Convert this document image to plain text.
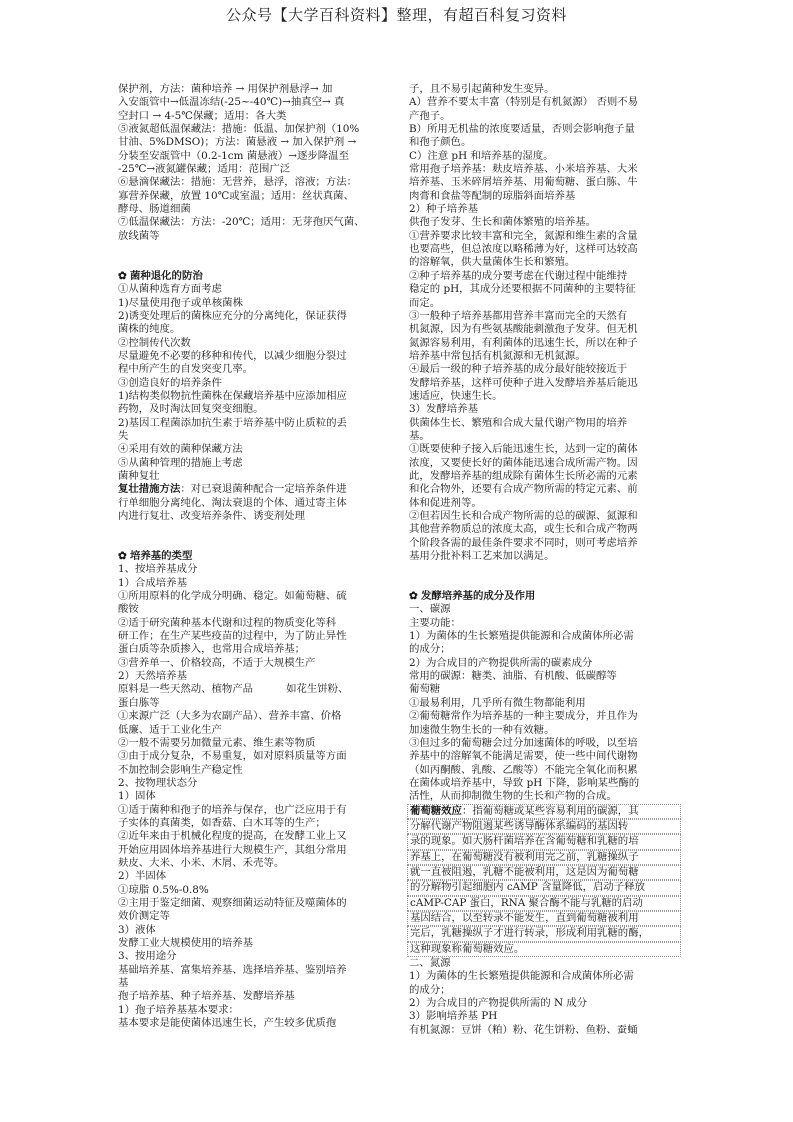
公众号【大学百科资料】整理，有超百科复习资料
保护剂，方法：菌种培养 → 用保护剂悬浮→ 加
入安瓿管中→低温冻结(-25~-40℃)→抽真空→ 真
空封口 → 4-5℃保藏；适用：各大类
⑤液氮超低温保藏法：措施：低温、加保护剂（10%
甘油、5%DMSO)；方法：菌悬液 → 加入保护剂 →
分装至安瓿管中（0.2-1cm 菌悬液）→逐步降温至
-25℃→液氮罐保藏；适用：范围广泛
⑥悬滴保藏法：措施：无营养，悬浮，溶液；方法：
寡营养保藏，放置 10℃或室温；适用：丝状真菌、
酵母、肠道细菌
⑦低温保藏法：方法：-20℃；适用：无芽孢厌气菌、
放线菌等
✿ 菌种退化的防治
①从菌种选育方面考虑
1)尽量使用孢子或单核菌株
2)诱变处理后的菌株应充分的分离纯化，保证获得
菌株的纯度。
②控制传代次数
尽量避免不必要的移种和传代，以减少细胞分裂过
程中所产生的自发突变几率。
③创造良好的培养条件
1)结构类似物抗性菌株在保藏培养基中应添加相应
药物，及时淘汰回复突变细胞。
2)基因工程菌添加抗生素于培养基中防止质粒的丢
失
④采用有效的菌种保藏方法
⑤从菌种管理的措施上考虑
菌种复壮
复壮措施方法：对已衰退菌种配合一定培养条件进
行单细胞分离纯化、淘汰衰退的个体、通过寄主体
内进行复壮、改变培养条件、诱变剂处理
✿ 培养基的类型
1、按培养基成分
1）合成培养基
①所用原料的化学成分明确、稳定。如葡萄糖、硫
酸铵
②适于研究菌种基本代谢和过程的物质变化等科
研工作；在生产某些疫苗的过程中，为了防止异性
蛋白质等杂质掺入，也常用合成培养基；
③营养单一、价格较高，不适于大规模生产
2）天然培养基
原料是一些天然动、植物产品          如花生饼粉、
蛋白胨等
①来源广泛（大多为农副产品）、营养丰富、价格
低廉、适于工业化生产
②一般不需要另加微量元素、维生素等物质
③由于成分复杂，不易重复，如对原料质量等方面
不加控制会影响生产稳定性
2、按物理状态分
1）固体
①适于菌种和孢子的培养与保存，也广泛应用于有
子实体的真菌类，如香菇、白木耳等的生产；
②近年来由于机械化程度的提高，在发酵工业上又
开始应用固体培养基进行大规模生产，其组分常用
麸皮、大米、小米、木屑、禾壳等。
2）半固体
①琼脂 0.5%-0.8%
②主用于鉴定细菌、观察细菌运动特征及噬菌体的
效价测定等
3）液体
发酵工业大规模使用的培养基
3、按用途分
基础培养基、富集培养基、选择培养基、鉴别培养
基
孢子培养基、种子培养基、发酵培养基
1）孢子培养基基本要求：
基本要求是能使菌体迅速生长，产生较多优质孢
子，且不易引起菌种发生变异。
A）营养不要太丰富（特别是有机氮源） 否则不易
产孢子。
B）所用无机盐的浓度要适量，否则会影响孢子量
和孢子颜色。
C）注意 pH 和培养基的湿度。
常用孢子培养基：麸皮培养基、小米培养基、大米
培养基、玉米碎屑培养基、用葡萄糖、蛋白胨、牛
肉膏和食盐等配制的琼脂斜面培养基
2）种子培养基
供孢子发芽、生长和菌体繁殖的培养基。
①营养要求比较丰富和完全，氮源和维生素的含量
也要高些，但总浓度以略稀薄为好，这样可达较高
的溶解氧，供大量菌体生长和繁殖。
②种子培养基的成分要考虑在代谢过程中能维持
稳定的 pH，其成分还要根据不同菌种的主要特征
而定。
③一般种子培养基都用营养丰富而完全的天然有
机氮源，因为有些氨基酸能刺激孢子发芽。但无机
氮源容易利用，有利菌体的迅速生长，所以在种子
培养基中常包括有机氮源和无机氮源。
④最后一级的种子培养基的成分最好能较接近于
发酵培养基，这样可使种子进入发酵培养基后能迅
速适应，快速生长。
3）发酵培养基
供菌体生长、繁殖和合成大量代谢产物用的培养
基。
①既要使种子接入后能迅速生长，达到一定的菌体
浓度，又要使长好的菌体能迅速合成所需产物。因
此，发酵培养基的组成除有菌体生长所必需的元素
和化合物外，还要有合成产物所需的特定元素、前
体和促进剂等。
②但若因生长和合成产物所需的总的碳源、氮源和
其他营养物质总的浓度太高，或生长和合成产物两
个阶段各需的最佳条件要求不同时，则可考虑培养
基用分批补料工艺来加以满足。
✿ 发酵培养基的成分及作用
一、碳源
主要功能：
1）为菌体的生长繁殖提供能源和合成菌体所必需
的成分；
2）为合成目的产物提供所需的碳素成分
常用的碳源：糖类、油脂、有机酸、低碳醇等
葡萄糖
①最易利用，几乎所有微生物都能利用
②葡萄糖常作为培养基的一种主要成分，并且作为
加速微生物生长的一种有效糖。
③但过多的葡萄糖会过分加速菌体的呼吸，以至培
养基中的溶解氧不能满足需要，使一些中间代谢物
（如丙酮酸、乳酸、乙酸等）不能完全氧化而积累
在菌体或培养基中，导致 pH 下降，影响某些酶的
活性，从而抑制微生物的生长和产物的合成。
葡萄糖效应：指葡萄糖或某些容易利用的碳源，其
分解代谢产物阻遏某些诱导酶体系编码的基因转
录的现象。如大肠杆菌培养在含葡萄糖和乳糖的培
养基上，在葡萄糖没有被利用完之前，乳糖操纵子
就一直被阻遏，乳糖不能被利用，这是因为葡萄糖
的分解物引起细胞内 cAMP 含量降低，启动子释放
cAMP-CAP 蛋白，RNA 聚合酶不能与乳糖的启动
基因结合，以至转录不能发生，直到葡萄糖被利用
完后，乳糖操纵子才进行转录，形成利用乳糖的酶，
这种现象称葡萄糖效应。
二、氮源
1）为菌体的生长繁殖提供能源和合成菌体所必需
的成分；
2）为合成目的产物提供所需的 N 成分
3）影响培养基 PH
有机氮源：豆饼（粕）粉、花生饼粉、鱼粉、蚕蛹
